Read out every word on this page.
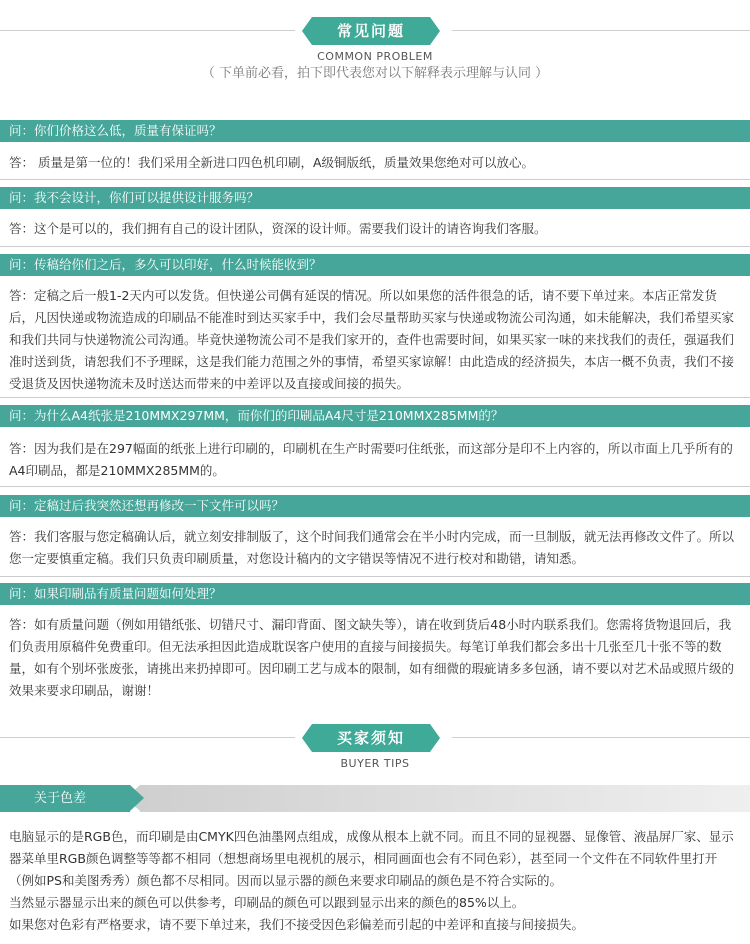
常见问题
COMMON PROBLEM
（ 下单前必看，拍下即代表您对以下解释表示理解与认同 ）
问：你们价格这么低，质量有保证吗？
答： 质量是第一位的！我们采用全新进口四色机印刷，A级铜版纸，质量效果您绝对可以放心。
问：我不会设计，你们可以提供设计服务吗？
答：这个是可以的，我们拥有自己的设计团队，资深的设计师。需要我们设计的请咨询我们客服。
问：传稿给你们之后，多久可以印好，什么时候能收到？
答：定稿之后一般1-2天内可以发货。但快递公司偶有延误的情况。所以如果您的活件很急的话，请不要下单过来。本店正常发货后，凡因快递或物流造成的印刷品不能准时到达买家手中，我们会尽量帮助买家与快递或物流公司沟通，如未能解决，我们希望买家和我们共同与快递物流公司沟通。毕竟快递物流公司不是我们家开的，查件也需要时间，如果买家一味的来找我们的责任，强逼我们准时送到货，请恕我们不予理睬，这是我们能力范围之外的事情，希望买家谅解！由此造成的经济损失，本店一概不负责，我们不接受退货及因快递物流未及时送达而带来的中差评以及直接或间接的损失。
问：为什么A4纸张是210MMX297MM，而你们的印刷品A4尺寸是210MMX285MM的？
答：因为我们是在297幅面的纸张上进行印刷的，印刷机在生产时需要叼住纸张，而这部分是印不上内容的，所以市面上几乎所有的A4印刷品，都是210MMX285MM的。
问：定稿过后我突然还想再修改一下文件可以吗？
答：我们客服与您定稿确认后，就立刻安排制版了，这个时间我们通常会在半小时内完成，而一旦制版，就无法再修改文件了。所以您一定要慎重定稿。我们只负责印刷质量，对您设计稿内的文字错误等情况不进行校对和勘错，请知悉。
问：如果印刷品有质量问题如何处理？
答：如有质量问题（例如用错纸张、切错尺寸、漏印背面、图文缺失等），请在收到货后48小时内联系我们。您需将货物退回后，我们负责用原稿件免费重印。但无法承担因此造成耽误客户使用的直接与间接损失。每笔订单我们都会多出十几张至几十张不等的数量，如有个别坏张废张，请挑出来扔掉即可。因印刷工艺与成本的限制，如有细微的瑕疵请多多包涵，请不要以对艺术品或照片级的效果来要求印刷品，谢谢！
买家须知
BUYER TIPS
关于色差

电脑显示的是RGB色，而印刷是由CMYK四色油墨网点组成，成像从根本上就不同。而且不同的显视器、显像管、液晶屏厂家、显示器菜单里RGB颜色调整等等都不相同（想想商场里电视机的展示，相同画面也会有不同色彩），甚至同一个文件在不同软件里打开（例如PS和美图秀秀）颜色都不尽相同。因而以显示器的颜色来要求印刷品的颜色是不符合实际的。

当然显示器显示出来的颜色可以供参考，印刷品的颜色可以跟到显示出来的颜色的85%以上。

如果您对色彩有严格要求，请不要下单过来，我们不接受因色彩偏差而引起的中差评和直接与间接损失。
